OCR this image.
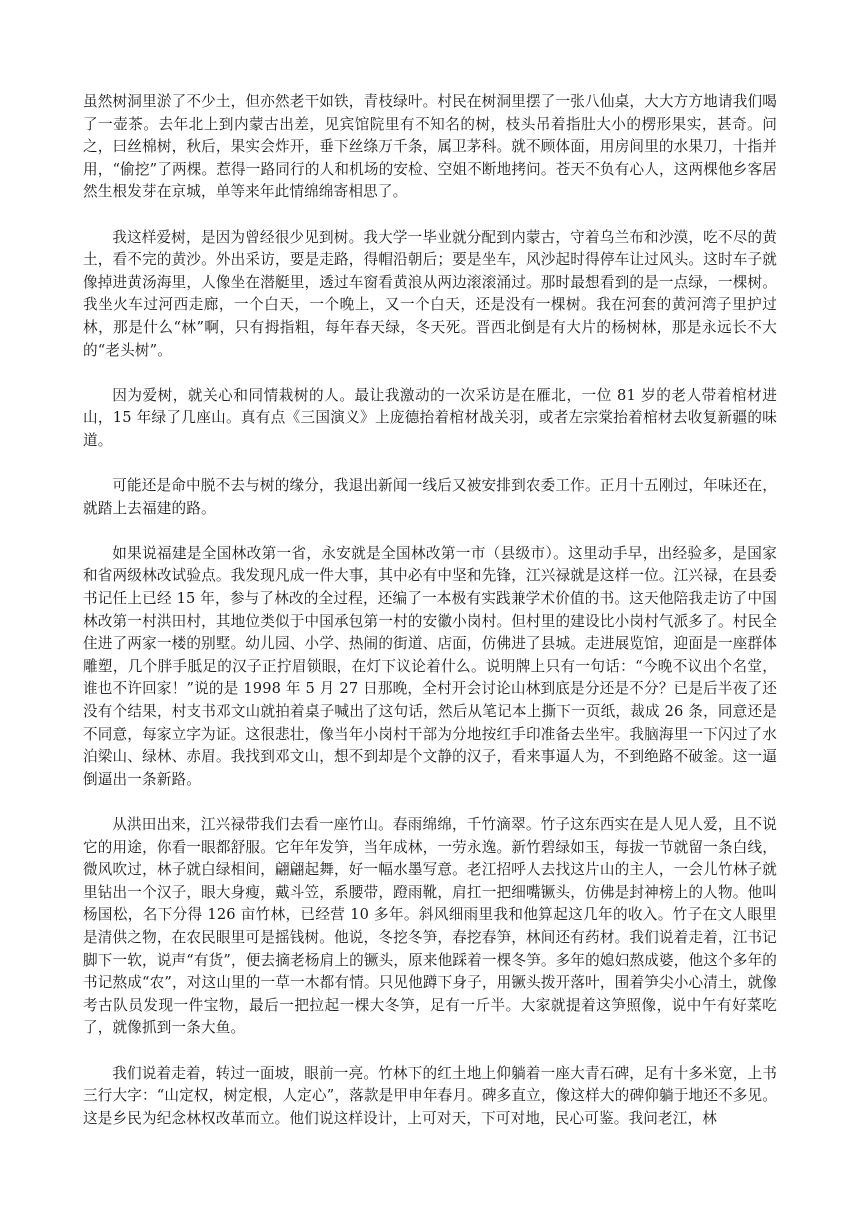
虽然树洞里淤了不少土，但亦然老干如铁，青枝绿叶。村民在树洞里摆了一张八仙桌，大大方方地请我们喝了一壶茶。去年北上到内蒙古出差，见宾馆院里有不知名的树，枝头吊着指肚大小的楞形果实，甚奇。问之，曰丝棉树，秋后，果实会炸开，垂下丝绦万千条，属卫茅科。就不顾体面，用房间里的水果刀，十指并用，“偷挖”了两棵。惹得一路同行的人和机场的安检、空姐不断地拷问。苍天不负有心人，这两棵他乡客居然生根发芽在京城，单等来年此情绵绵寄相思了。

我这样爱树，是因为曾经很少见到树。我大学一毕业就分配到内蒙古，守着乌兰布和沙漠，吃不尽的黄土，看不完的黄沙。外出采访，要是走路，得帽沿朝后；要是坐车，风沙起时得停车让过风头。这时车子就像掉进黄汤海里，人像坐在潜艇里，透过车窗看黄浪从两边滚滚涌过。那时最想看到的是一点绿，一棵树。我坐火车过河西走廊，一个白天，一个晚上，又一个白天，还是没有一棵树。我在河套的黄河湾子里护过林，那是什么“林”啊，只有拇指粗，每年春天绿，冬天死。晋西北倒是有大片的杨树林，那是永远长不大的“老头树”。

因为爱树，就关心和同情栽树的人。最让我激动的一次采访是在雁北，一位 81 岁的老人带着棺材进山，15 年绿了几座山。真有点《三国演义》上庞德抬着棺材战关羽，或者左宗棠抬着棺材去收复新疆的味道。

可能还是命中脱不去与树的缘分，我退出新闻一线后又被安排到农委工作。正月十五刚过，年味还在，就踏上去福建的路。

如果说福建是全国林改第一省，永安就是全国林改第一市（县级市）。这里动手早，出经验多，是国家和省两级林改试验点。我发现凡成一件大事，其中必有中坚和先锋，江兴禄就是这样一位。江兴禄，在县委书记任上已经 15 年，参与了林改的全过程，还编了一本极有实践兼学术价值的书。这天他陪我走访了中国林改第一村洪田村，其地位类似于中国承包第一村的安徽小岗村。但村里的建设比小岗村气派多了。村民全住进了两家一楼的别墅。幼儿园、小学、热闹的街道、店面，仿佛进了县城。走进展览馆，迎面是一座群体雕塑，几个胖手胝足的汉子正拧眉锁眼，在灯下议论着什么。说明牌上只有一句话：“今晚不议出个名堂，谁也不许回家！”说的是 1998 年 5 月 27 日那晚，全村开会讨论山林到底是分还是不分？已是后半夜了还没有个结果，村支书邓文山就拍着桌子喊出了这句话，然后从笔记本上撕下一页纸，裁成 26 条，同意还是不同意，每家立字为证。这很悲壮，像当年小岗村干部为分地按红手印准备去坐牢。我脑海里一下闪过了水泊梁山、绿林、赤眉。我找到邓文山，想不到却是个文静的汉子，看来事逼人为，不到绝路不破釜。这一逼倒逼出一条新路。

从洪田出来，江兴禄带我们去看一座竹山。春雨绵绵，千竹滴翠。竹子这东西实在是人见人爱，且不说它的用途，你看一眼都舒服。它年年发笋，当年成林，一劳永逸。新竹碧绿如玉，每拔一节就留一条白线，微风吹过，林子就白绿相间，翩翩起舞，好一幅水墨写意。老江招呼人去找这片山的主人，一会儿竹林子就里钻出一个汉子，眼大身瘦，戴斗笠，系腰带，蹬雨靴，肩扛一把细嘴镢头，仿佛是封神榜上的人物。他叫杨国松，名下分得 126 亩竹林，已经营 10 多年。斜风细雨里我和他算起这几年的收入。竹子在文人眼里是清供之物，在农民眼里可是摇钱树。他说，冬挖冬笋，春挖春笋，林间还有药材。我们说着走着，江书记脚下一软，说声“有货”，便去摘老杨肩上的镢头，原来他踩着一棵冬笋。多年的媳妇熬成婆，他这个多年的书记熬成“农”，对这山里的一草一木都有情。只见他蹲下身子，用镢头拨开落叶，围着笋尖小心清土，就像考古队员发现一件宝物，最后一把拉起一棵大冬笋，足有一斤半。大家就提着这笋照像，说中午有好菜吃了，就像抓到一条大鱼。

我们说着走着，转过一面坡，眼前一亮。竹林下的红土地上仰躺着一座大青石碑，足有十多米宽，上书三行大字：“山定权，树定根，人定心”，落款是甲申年春月。碑多直立，像这样大的碑仰躺于地还不多见。这是乡民为纪念林权改革而立。他们说这样设计，上可对天，下可对地，民心可鉴。我问老江，林
